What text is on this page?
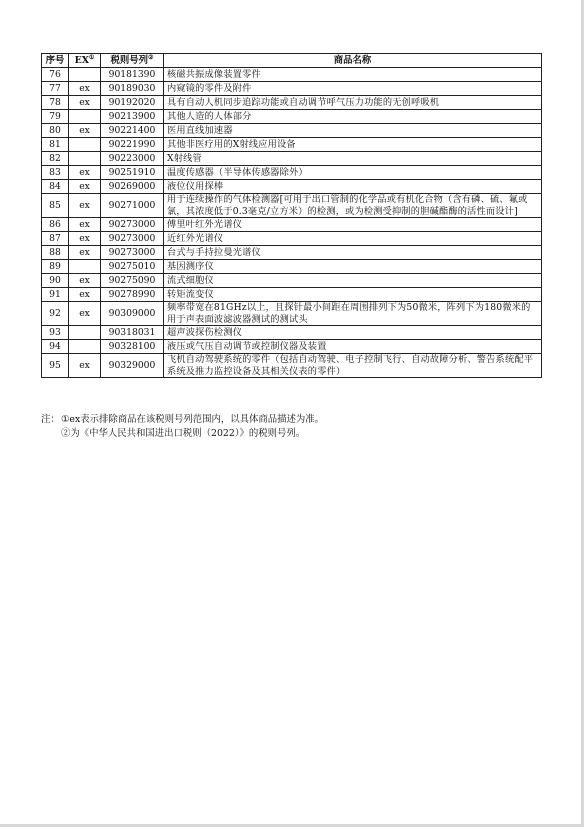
序号	EX①	税则号列②	商品名称
76		90181390	核磁共振成像装置零件
77	ex	90189030	内窥镜的零件及附件
78	ex	90192020	具有自动人机同步追踪功能或自动调节呼气压力功能的无创呼吸机
79		90213900	其他人造的人体部分
80	ex	90221400	医用直线加速器
81		90221990	其他非医疗用的X射线应用设备
82		90223000	X射线管
83	ex	90251910	温度传感器（半导体传感器除外）
84	ex	90269000	液位仪用探棒
85	ex	90271000	用于连续操作的气体检测器[可用于出口管制的化学品或有机化合物（含有磷、硫、氟或氯，其浓度低于0.3毫克/立方米）的检测，或为检测受抑制的胆碱酯酶的活性而设计]
86	ex	90273000	傅里叶红外光谱仪
87	ex	90273000	近红外光谱仪
88	ex	90273000	台式与手持拉曼光谱仪
89		90275010	基因测序仪
90	ex	90275090	流式细胞仪
91	ex	90278990	转矩流变仪
92	ex	90309000	频率带宽在81GHz以上，且探针最小间距在周围排列下为50微米，阵列下为180微米的用于声表面波滤波器测试的测试头
93		90318031	超声波探伤检测仪
94		90328100	液压或气压自动调节或控制仪器及装置
95	ex	90329000	飞机自动驾驶系统的零件（包括自动驾驶、电子控制飞行、自动故障分析、警告系统配平系统及推力监控设备及其相关仪表的零件）
注： ①ex表示排除商品在该税则号列范围内，以具体商品描述为准。
②为《中华人民共和国进出口税则（2022）》的税则号列。
